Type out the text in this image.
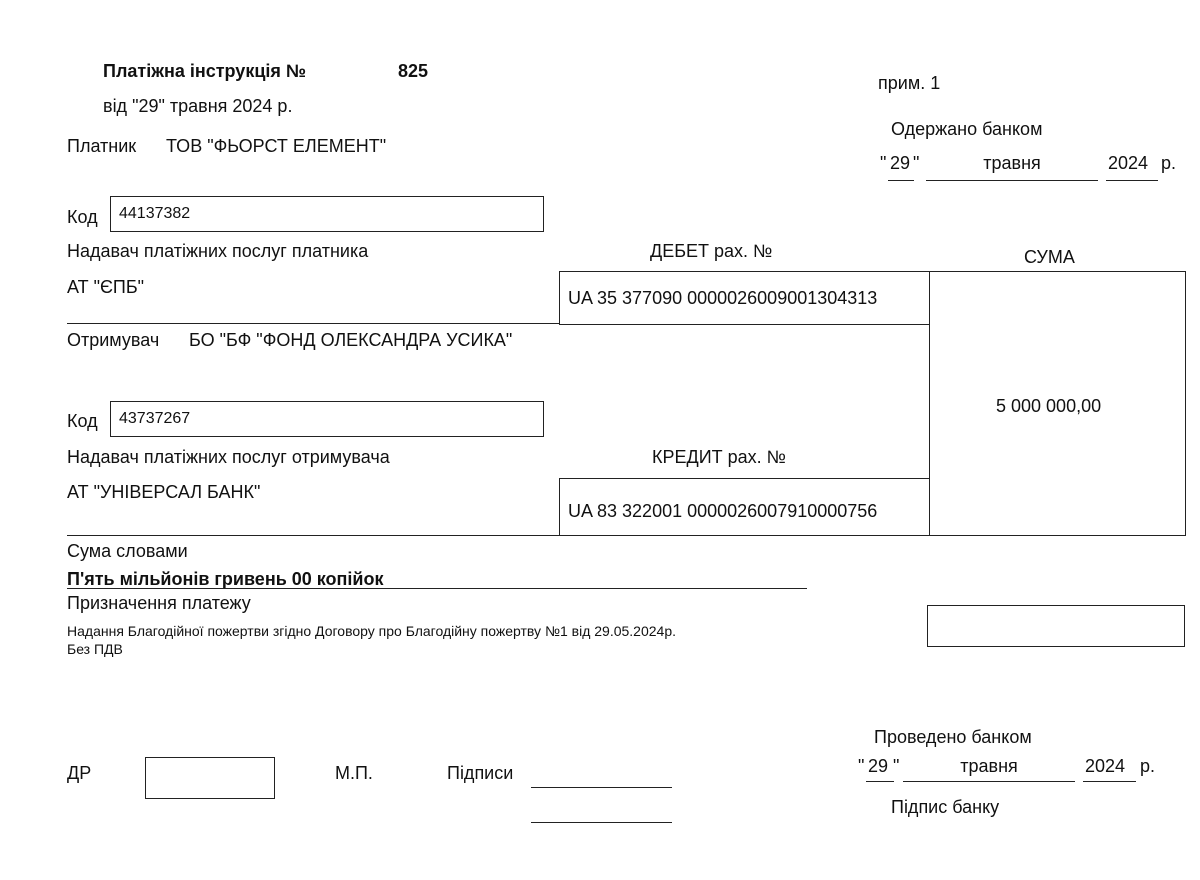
Платіжна інструкція №	825
від "29" травня 2024 р.
прим. 1
Одержано банком
" 29 "	травня	2024 р.
Платник ТОВ "ФЬОРСТ ЕЛЕМЕНТ"
Код 44137382
Надавач платіжних послуг платника
АТ "ЄПБ"
ДЕБЕТ рах. №
UA 35 377090 0000026009001304313
СУМА
5 000 000,00
Отримувач БО "БФ "ФОНД ОЛЕКСАНДРА УСИКА"
Код 43737267
Надавач платіжних послуг отримувача
АТ "УНІВЕРСАЛ БАНК"
КРЕДИТ рах. №
UA 83 322001 0000026007910000756
Сума словами
П'ять мільйонів гривень 00 копійок
Призначення платежу
Надання Благодійної пожертви згідно Договору про Благодійну пожертву №1 від 29.05.2024р.
Без ПДВ
ДР	М.П.	Підписи
Проведено банком
" 29 "	травня	2024 р.
Підпис банку
